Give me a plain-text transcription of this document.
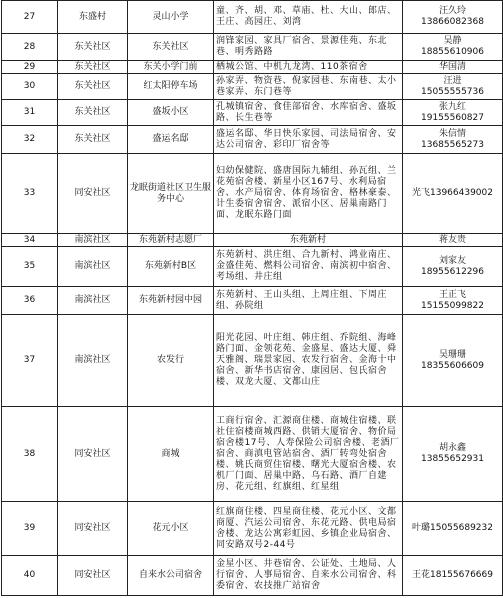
27	东盛村	灵山小学	童、齐、胡、邓、草庙、杜、大山、郎店、王庄、高园庄、刘湾	汪久玲
13866082368
28	东关社区	东关社区	润锋家园、家具厂宿舍、景源佳苑、东北巷、明秀路路	吴静
18855610906
29	东关社区	东关小学门前	栖城公馆、中机九龙湾、110茶宿舍	华国清
30	东关社区	红太阳停车场	孙家弄、物资巷、倪家园巷、东南巷、太小巷家弄、东门巷等	汪进
15055555736
31	东关社区	盛坂小区	孔城镇宿舍、食佳部宿舍、水库宿舍、盛坂路、长生巷等	张九红
19155560827
32	东关社区	盛运名邸	盛运名邸、华日快乐家园、司法局宿舍、安达公司宿舍、彩印厂宿舍等	朱信情
13685565273
33	同安社区	龙眠街道社区卫生服务中心	妇幼保健院、盛唐国际九辅组、孙瓦组、兰花苑宿舍楼、新星小区167号、水利局宿舍、水产局宿舍、体育场宿舍、格林豪泰、计生委宿舍宿舍、派宿小区、居巢南路门面、龙眠东路门面	光飞13966439002
34	南滨社区	东苑新村志愿厂	东苑新村	蒋友贵
35	南滨社区	东苑新村B区	东苑新村、洪庄组、合九新村、鸿业南庄、金盛佳苑、燃料公司宿舍、南滨初中宿舍、考场组、井庄组	刘家友
18955612296
36	南滨社区	东苑新村园中园	东苑新村、王山头组、上周庄组、下周庄组、孙院组	王正飞
15155099822
37	南滨社区	农发行	阳光花园、叶庄组、韩庄组、乔院组、海峰路门面、金领花苑、金盛星、盛达大厦、舜天雅阁、瑞景家园、农发行宿舍、金海十中宿舍、新华书店宿舍、康园居、包氏宿舍楼、双龙大厦、文都山庄	吴珊珊
18355606609
38	同安社区	商城	工商行宿舍、汇源商住楼、商城住宿楼、联社住宿楼商城西路、供销大厦宿舍、物价局宿舍楼17号、人寿保险公司宿舍楼、老酒厂宿舍、商滇电管站宿舍、酒厂转弯处宿舍楼、姚氏商贸住宿楼、曙光大厦宿舍楼、农机厂门面、居巢中路、乌石路、酒厂自建房、花元组、红旗组、红星组	胡永鑫
13855652931
39	同安社区	花元小区	红旗商住楼、四星商住楼、花元小区、文都商厦、汽运公司宿舍、东花元路、供电局宿舍楼、龙达公寓彩虹园、乡镇企业局宿舍、同安路双号2-44号	叶璐15055689232
40	同安社区	自来水公司宿舍	金星小区、井巷宿舍、公证处、土地局、人行宿舍、人事局宿舍、自来水公司宿舍、科委宿舍、农技推广站宿舍	王花18155676669
